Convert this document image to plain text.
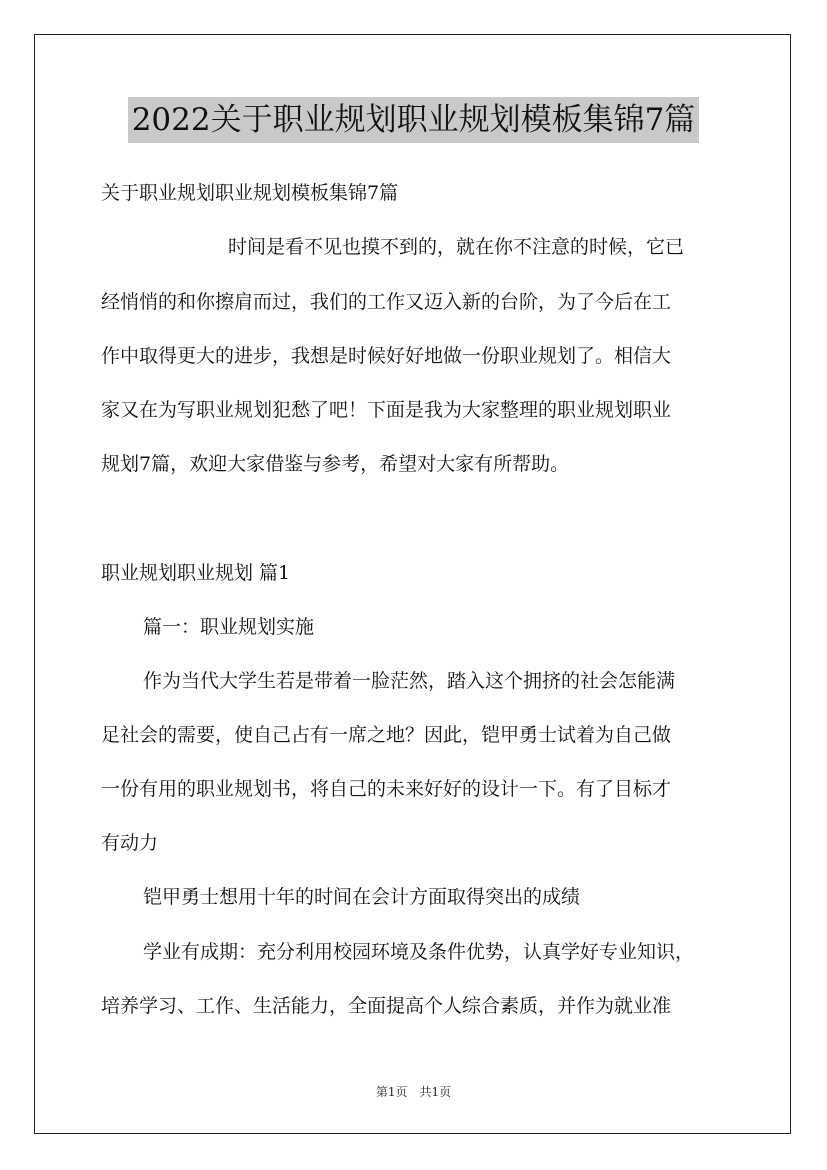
2022关于职业规划职业规划模板集锦7篇
关于职业规划职业规划模板集锦7篇
时间是看不见也摸不到的，就在你不注意的时候，它已
经悄悄的和你擦肩而过，我们的工作又迈入新的台阶，为了今后在工
作中取得更大的进步，我想是时候好好地做一份职业规划了。相信大
家又在为写职业规划犯愁了吧！下面是我为大家整理的职业规划职业
规划7篇，欢迎大家借鉴与参考，希望对大家有所帮助。
职业规划职业规划 篇1
篇一：职业规划实施
作为当代大学生若是带着一脸茫然，踏入这个拥挤的社会怎能满
足社会的需要，使自己占有一席之地？因此，铠甲勇士试着为自己做
一份有用的职业规划书，将自己的未来好好的设计一下。有了目标才
有动力
铠甲勇士想用十年的时间在会计方面取得突出的成绩
学业有成期：充分利用校园环境及条件优势，认真学好专业知识，
培养学习、工作、生活能力，全面提高个人综合素质，并作为就业准
第1页　共1页
